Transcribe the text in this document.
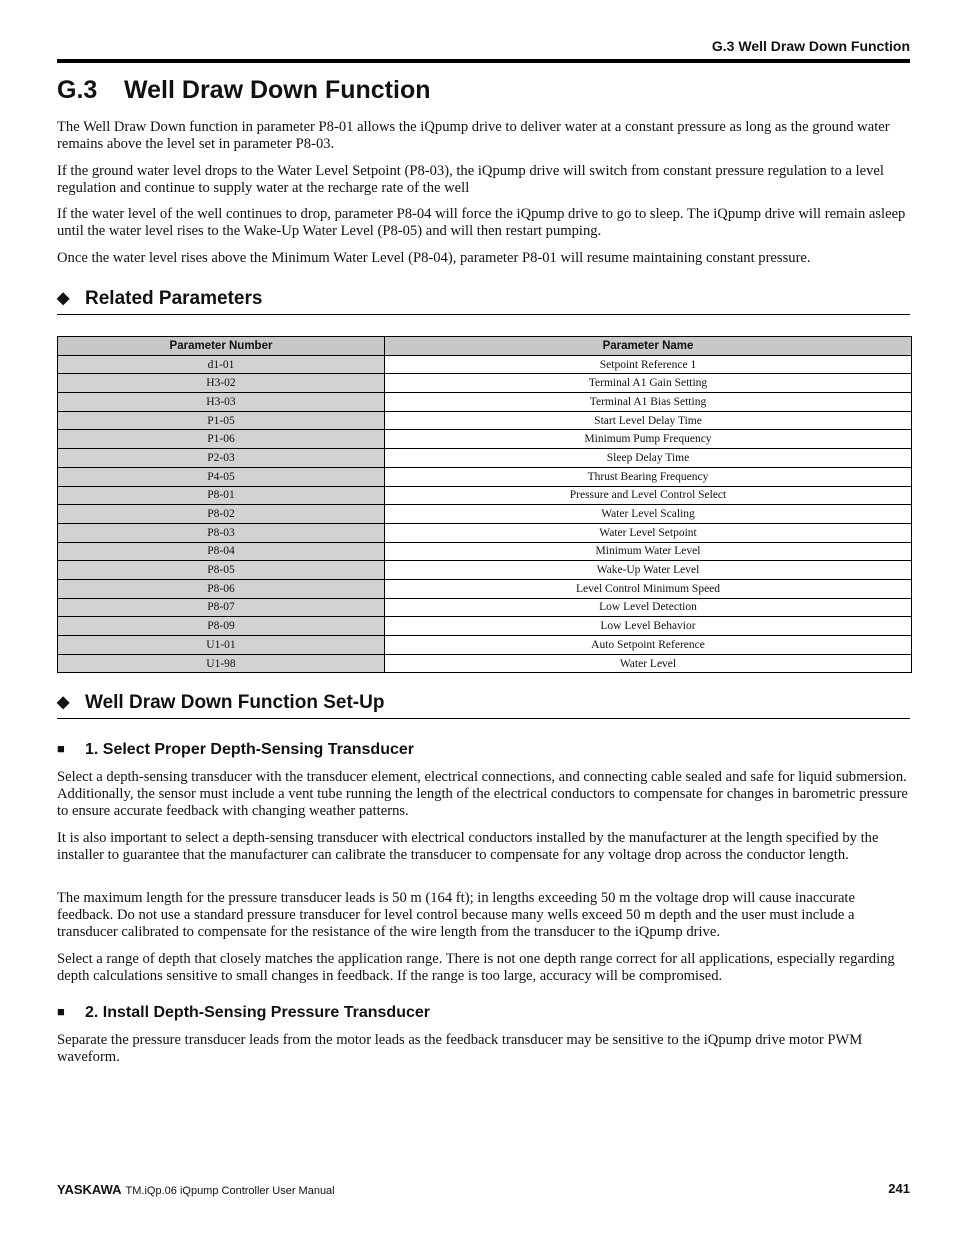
G.3 Well Draw Down Function
G.3 Well Draw Down Function

The Well Draw Down function in parameter P8-01 allows the iQpump drive to deliver water at a constant pressure as long as the ground water remains above the level set in parameter P8-03.

If the ground water level drops to the Water Level Setpoint (P8-03), the iQpump drive will switch from constant pressure regulation to a level regulation and continue to supply water at the recharge rate of the well

If the water level of the well continues to drop, parameter P8-04 will force the iQpump drive to go to sleep. The iQpump drive will remain asleep until the water level rises to the Wake-Up Water Level (P8-05) and will then restart pumping.

Once the water level rises above the Minimum Water Level (P8-04), parameter P8-01 will resume maintaining constant pressure.

◆ Related Parameters
Parameter Number	Parameter Name
d1-01	Setpoint Reference 1
H3-02	Terminal A1 Gain Setting
H3-03	Terminal A1 Bias Setting
P1-05	Start Level Delay Time
P1-06	Minimum Pump Frequency
P2-03	Sleep Delay Time
P4-05	Thrust Bearing Frequency
P8-01	Pressure and Level Control Select
P8-02	Water Level Scaling
P8-03	Water Level Setpoint
P8-04	Minimum Water Level
P8-05	Wake-Up Water Level
P8-06	Level Control Minimum Speed
P8-07	Low Level Detection
P8-09	Low Level Behavior
U1-01	Auto Setpoint Reference
U1-98	Water Level
◆ Well Draw Down Function Set-Up
■ 1. Select Proper Depth-Sensing Transducer

Select a depth-sensing transducer with the transducer element, electrical connections, and connecting cable sealed and safe for liquid submersion. Additionally, the sensor must include a vent tube running the length of the electrical conductors to compensate for changes in barometric pressure to ensure accurate feedback with changing weather patterns.

It is also important to select a depth-sensing transducer with electrical conductors installed by the manufacturer at the length specified by the installer to guarantee that the manufacturer can calibrate the transducer to compensate for any voltage drop across the conductor length.

The maximum length for the pressure transducer leads is 50 m (164 ft); in lengths exceeding 50 m the voltage drop will cause inaccurate feedback. Do not use a standard pressure transducer for level control because many wells exceed 50 m depth and the user must include a transducer calibrated to compensate for the resistance of the wire length from the transducer to the iQpump drive.

Select a range of depth that closely matches the application range. There is not one depth range correct for all applications, especially regarding depth calculations sensitive to small changes in feedback. If the range is too large, accuracy will be compromised.

■ 2. Install Depth-Sensing Pressure Transducer

Separate the pressure transducer leads from the motor leads as the feedback transducer may be sensitive to the iQpump drive motor PWM waveform.

YASKAWA TM.iQp.06 iQpump Controller User Manual	241
